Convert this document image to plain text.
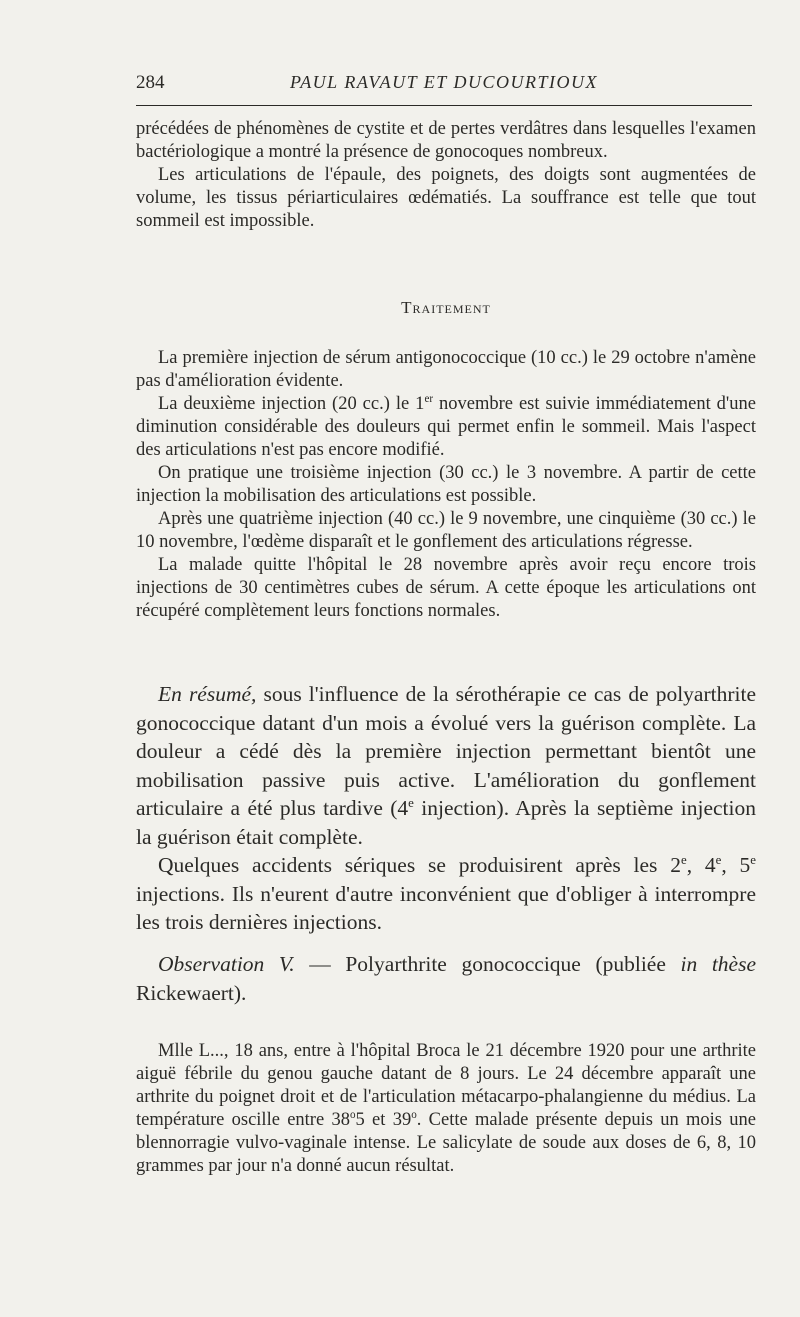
284	PAUL RAVAUT ET DUCOURTIOUX

précédées de phénomènes de cystite et de pertes verdâtres dans lesquelles l'examen bactériologique a montré la présence de gonocoques nombreux.

Les articulations de l'épaule, des poignets, des doigts sont augmentées de volume, les tissus périarticulaires œdématiés. La souffrance est telle que tout sommeil est impossible.

Traitement

La première injection de sérum antigonococcique (10 cc.) le 29 octobre n'amène pas d'amélioration évidente.

La deuxième injection (20 cc.) le 1er novembre est suivie immédiatement d'une diminution considérable des douleurs qui permet enfin le sommeil. Mais l'aspect des articulations n'est pas encore modifié.

On pratique une troisième injection (30 cc.) le 3 novembre. A partir de cette injection la mobilisation des articulations est possible.

Après une quatrième injection (40 cc.) le 9 novembre, une cinquième (30 cc.) le 10 novembre, l'œdème disparaît et le gonflement des articulations régresse.

La malade quitte l'hôpital le 28 novembre après avoir reçu encore trois injections de 30 centimètres cubes de sérum. A cette époque les articulations ont récupéré complètement leurs fonctions normales.

En résumé, sous l'influence de la sérothérapie ce cas de polyarthrite gonococcique datant d'un mois a évolué vers la guérison complète. La douleur a cédé dès la première injection permettant bientôt une mobilisation passive puis active. L'amélioration du gonflement articulaire a été plus tardive (4e injection). Après la septième injection la guérison était complète.

Quelques accidents sériques se produisirent après les 2e, 4e, 5e injections. Ils n'eurent d'autre inconvénient que d'obliger à interrompre les trois dernières injections.

Observation V. — Polyarthrite gonococcique (publiée in thèse Rickewaert).

Mlle L..., 18 ans, entre à l'hôpital Broca le 21 décembre 1920 pour une arthrite aiguë fébrile du genou gauche datant de 8 jours. Le 24 décembre apparaît une arthrite du poignet droit et de l'articulation métacarpo-phalangienne du médius. La température oscille entre 38$^o$5 et 39$^o$. Cette malade présente depuis un mois une blennorragie vulvo-vaginale intense. Le salicylate de soude aux doses de 6, 8, 10 grammes par jour n'a donné aucun résultat.
